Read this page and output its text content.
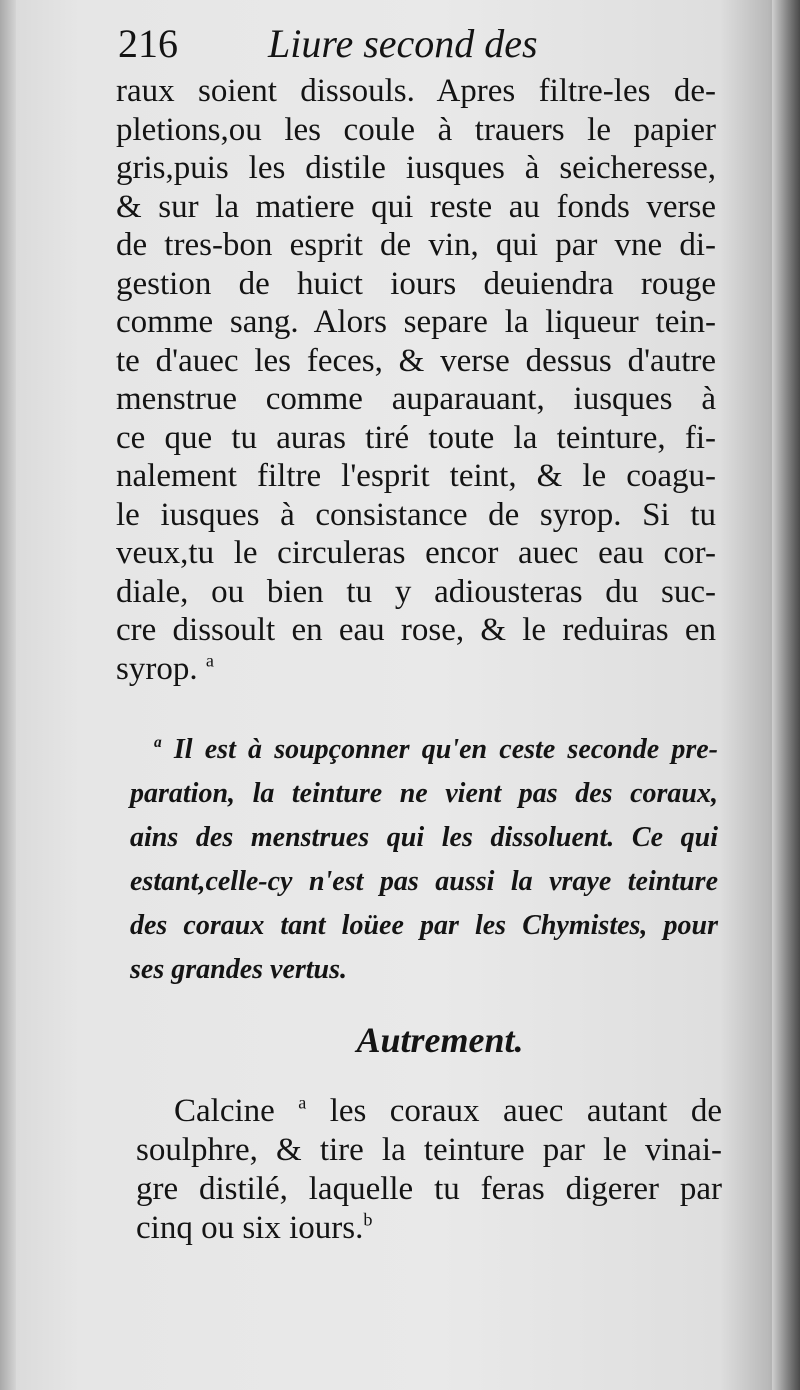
216 Liure second des
raux soient dissouls. Apres filtre-les de-
pletions,ou les coule à trauers le papier
gris,puis les distile iusques à seicheresse,
& sur la matiere qui reste au fonds verse
de tres-bon esprit de vin, qui par vne di-
gestion de huict iours deuiendra rouge
comme sang. Alors separe la liqueur tein-
te d'auec les feces, & verse dessus d'autre
menstrue comme auparauant, iusques à
ce que tu auras tiré toute la teinture, fi-
nalement filtre l'esprit teint, & le coagu-
le iusques à consistance de syrop. Si tu
veux,tu le circuleras encor auec eau cor-
diale, ou bien tu y adiousteras du suc-
cre dissoult en eau rose, & le reduiras en
syrop. $^a$
$^a$ Il est à soupçonner qu'en ceste seconde pre-
paration, la teinture ne vient pas des coraux,
ains des menstrues qui les dissoluent. Ce qui
estant,celle-cy n'est pas aussi la vraye teinture
des coraux tant loüee par les Chymistes, pour
ses grandes vertus.
Autrement.
Calcine $^a$ les coraux auec autant de
soulphre, & tire la teinture par le vinai-
gre distilé, laquelle tu feras digerer par
cinq ou six iours.$^b$
